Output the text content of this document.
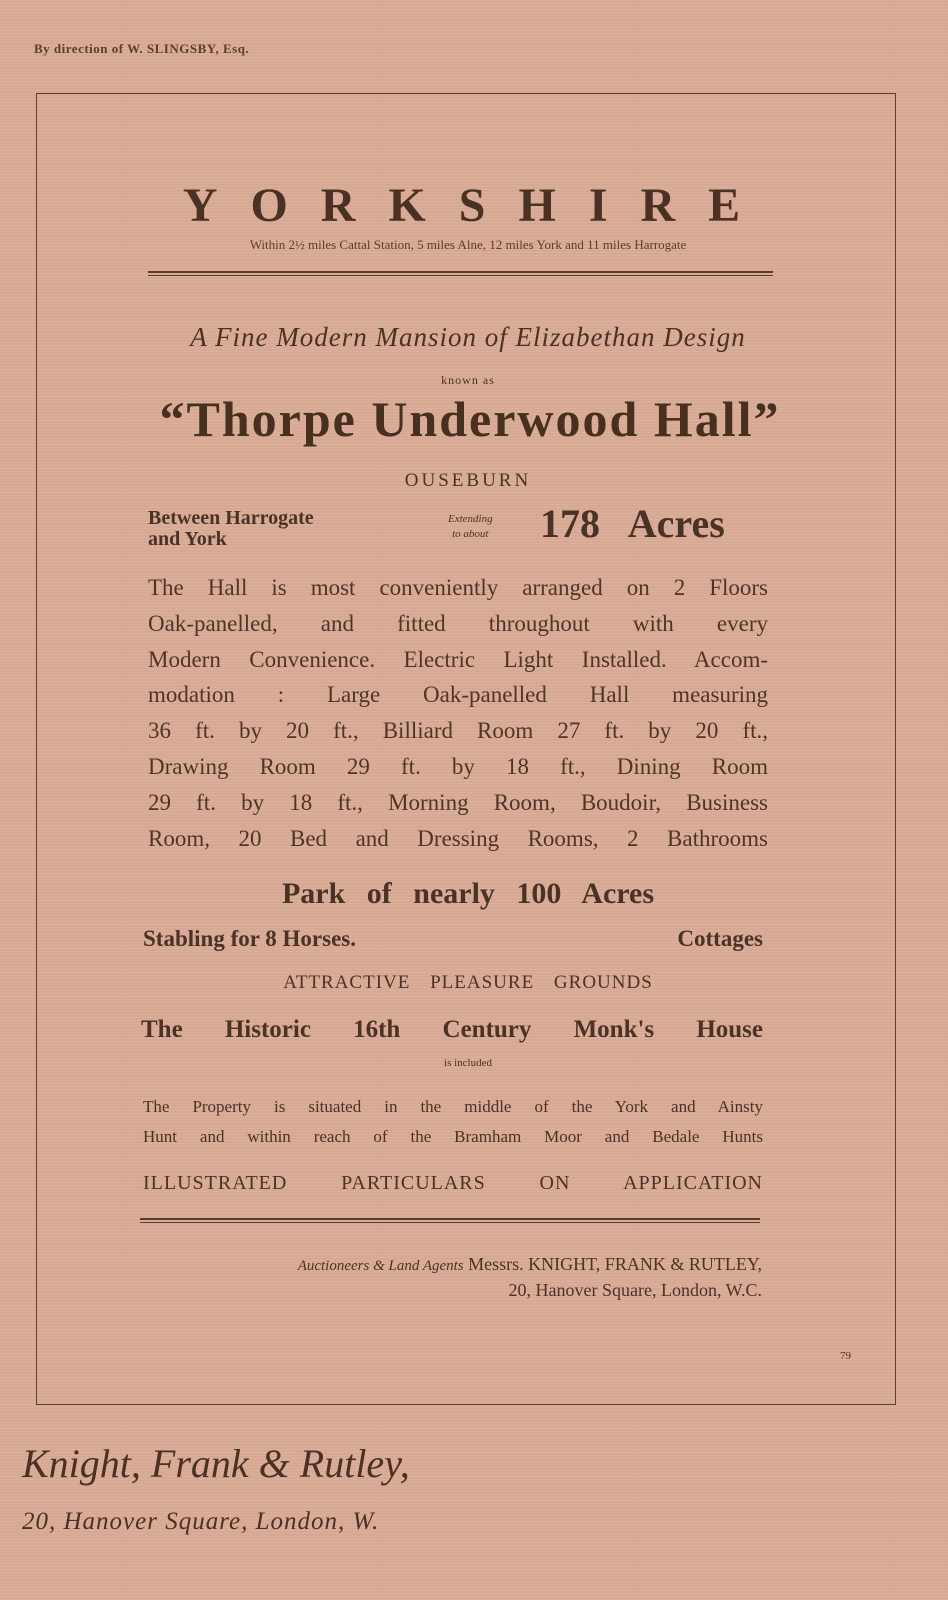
By direction of W. SLINGSBY, Esq.
YORKSHIRE
Within 2½ miles Cattal Station, 5 miles Alne, 12 miles York and 11 miles Harrogate
A Fine Modern Mansion of Elizabethan Design
known as
“Thorpe Underwood Hall”
OUSEBURN
Between Harrogate
and York
Extending
to about 178 Acres
The Hall is most conveniently arranged on 2 Floors
Oak-panelled, and fitted throughout with every
Modern Convenience. Electric Light Installed. Accom-
modation : Large Oak-panelled Hall measuring
36 ft. by 20 ft., Billiard Room 27 ft. by 20 ft.,
Drawing Room 29 ft. by 18 ft., Dining Room
29 ft. by 18 ft., Morning Room, Boudoir, Business
Room, 20 Bed and Dressing Rooms, 2 Bathrooms
Park of nearly 100 Acres
Stabling for 8 Horses.	Cottages
ATTRACTIVE PLEASURE GROUNDS
The Historic 16th Century Monk's House
is included
The Property is situated in the middle of the York and Ainsty
Hunt and within reach of the Bramham Moor and Bedale Hunts
ILLUSTRATED PARTICULARS ON APPLICATION
Auctioneers & Land Agents Messrs. KNIGHT, FRANK & RUTLEY,
20, Hanover Square, London, W.C.
79
Knight, Frank & Rutley,
20, Hanover Square, London, W.
